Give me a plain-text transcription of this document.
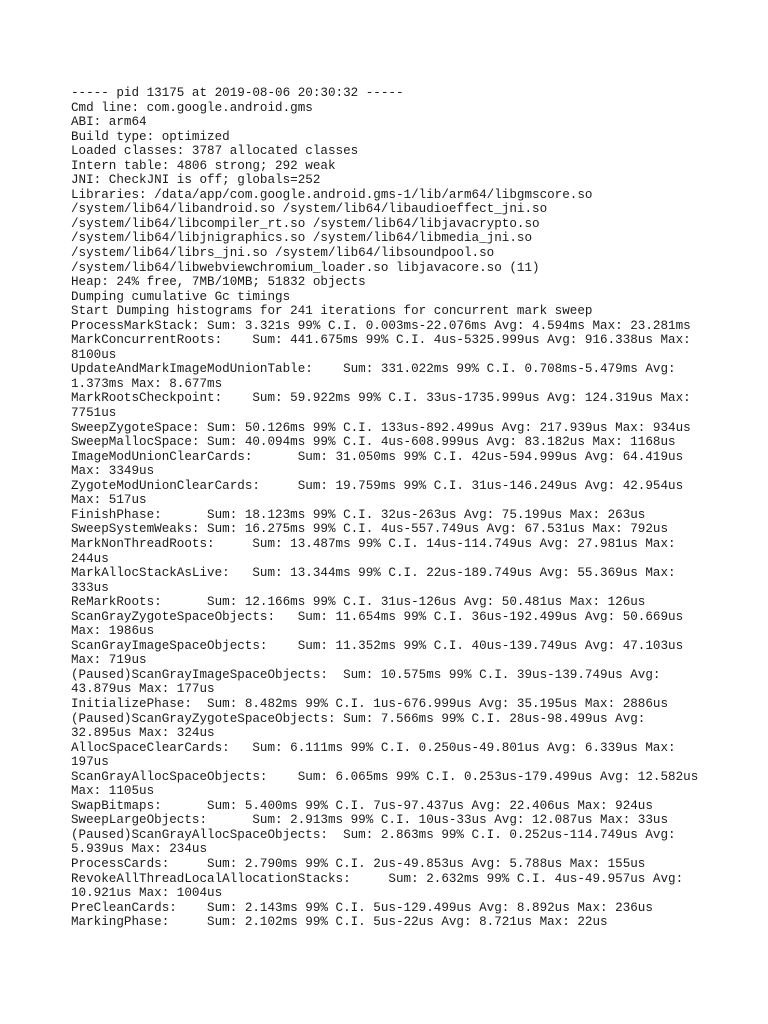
----- pid 13175 at 2019-08-06 20:30:32 -----
Cmd line: com.google.android.gms
ABI: arm64
Build type: optimized
Loaded classes: 3787 allocated classes
Intern table: 4806 strong; 292 weak
JNI: CheckJNI is off; globals=252
Libraries: /data/app/com.google.android.gms-1/lib/arm64/libgmscore.so
/system/lib64/libandroid.so /system/lib64/libaudioeffect_jni.so
/system/lib64/libcompiler_rt.so /system/lib64/libjavacrypto.so
/system/lib64/libjnigraphics.so /system/lib64/libmedia_jni.so
/system/lib64/librs_jni.so /system/lib64/libsoundpool.so
/system/lib64/libwebviewchromium_loader.so libjavacore.so (11)
Heap: 24% free, 7MB/10MB; 51832 objects
Dumping cumulative Gc timings
Start Dumping histograms for 241 iterations for concurrent mark sweep
ProcessMarkStack: Sum: 3.321s 99% C.I. 0.003ms-22.076ms Avg: 4.594ms Max: 23.281ms
MarkConcurrentRoots:    Sum: 441.675ms 99% C.I. 4us-5325.999us Avg: 916.338us Max:
8100us
UpdateAndMarkImageModUnionTable:    Sum: 331.022ms 99% C.I. 0.708ms-5.479ms Avg:
1.373ms Max: 8.677ms
MarkRootsCheckpoint:    Sum: 59.922ms 99% C.I. 33us-1735.999us Avg: 124.319us Max:
7751us
SweepZygoteSpace: Sum: 50.126ms 99% C.I. 133us-892.499us Avg: 217.939us Max: 934us
SweepMallocSpace: Sum: 40.094ms 99% C.I. 4us-608.999us Avg: 83.182us Max: 1168us
ImageModUnionClearCards:      Sum: 31.050ms 99% C.I. 42us-594.999us Avg: 64.419us
Max: 3349us
ZygoteModUnionClearCards:     Sum: 19.759ms 99% C.I. 31us-146.249us Avg: 42.954us
Max: 517us
FinishPhase:      Sum: 18.123ms 99% C.I. 32us-263us Avg: 75.199us Max: 263us
SweepSystemWeaks: Sum: 16.275ms 99% C.I. 4us-557.749us Avg: 67.531us Max: 792us
MarkNonThreadRoots:     Sum: 13.487ms 99% C.I. 14us-114.749us Avg: 27.981us Max:
244us
MarkAllocStackAsLive:   Sum: 13.344ms 99% C.I. 22us-189.749us Avg: 55.369us Max:
333us
ReMarkRoots:      Sum: 12.166ms 99% C.I. 31us-126us Avg: 50.481us Max: 126us
ScanGrayZygoteSpaceObjects:   Sum: 11.654ms 99% C.I. 36us-192.499us Avg: 50.669us
Max: 1986us
ScanGrayImageSpaceObjects:    Sum: 11.352ms 99% C.I. 40us-139.749us Avg: 47.103us
Max: 719us
(Paused)ScanGrayImageSpaceObjects:  Sum: 10.575ms 99% C.I. 39us-139.749us Avg:
43.879us Max: 177us
InitializePhase:  Sum: 8.482ms 99% C.I. 1us-676.999us Avg: 35.195us Max: 2886us
(Paused)ScanGrayZygoteSpaceObjects: Sum: 7.566ms 99% C.I. 28us-98.499us Avg:
32.895us Max: 324us
AllocSpaceClearCards:   Sum: 6.111ms 99% C.I. 0.250us-49.801us Avg: 6.339us Max:
197us
ScanGrayAllocSpaceObjects:    Sum: 6.065ms 99% C.I. 0.253us-179.499us Avg: 12.582us
Max: 1105us
SwapBitmaps:      Sum: 5.400ms 99% C.I. 7us-97.437us Avg: 22.406us Max: 924us
SweepLargeObjects:      Sum: 2.913ms 99% C.I. 10us-33us Avg: 12.087us Max: 33us
(Paused)ScanGrayAllocSpaceObjects:  Sum: 2.863ms 99% C.I. 0.252us-114.749us Avg:
5.939us Max: 234us
ProcessCards:     Sum: 2.790ms 99% C.I. 2us-49.853us Avg: 5.788us Max: 155us
RevokeAllThreadLocalAllocationStacks:     Sum: 2.632ms 99% C.I. 4us-49.957us Avg:
10.921us Max: 1004us
PreCleanCards:    Sum: 2.143ms 99% C.I. 5us-129.499us Avg: 8.892us Max: 236us
MarkingPhase:     Sum: 2.102ms 99% C.I. 5us-22us Avg: 8.721us Max: 22us
